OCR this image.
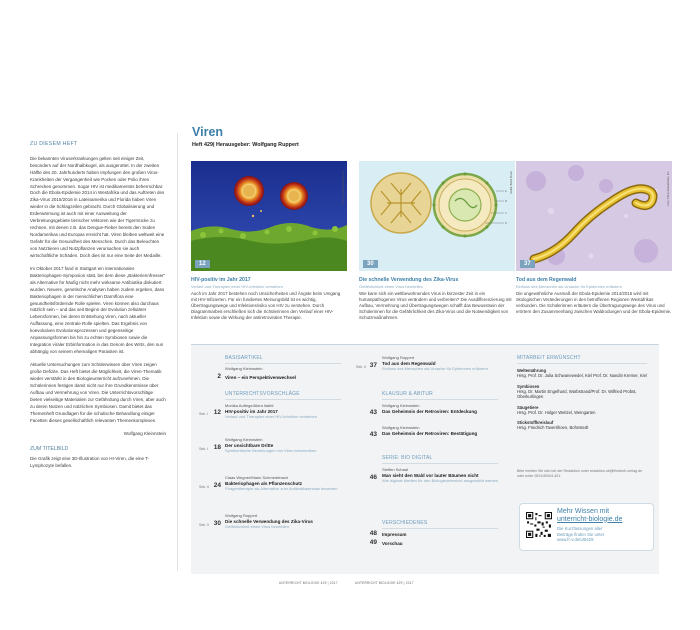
ZU DIESEM HEFT

Die bekannten Viruserkrankungen gelten seit einiger Zeit, besonders auf der Nordhalbkugel, als ausgerottet. In der zweiten Hälfte des 20. Jahrhunderts haben Impfungen den großen Virus-Krankheiten der Vergangenheit wie Pocken oder Polio ihren Schrecken genommen. Sogar HIV ist medikamentös beherrschbar. Doch die Ebola-Epidemie 2014 in Westafrika und das Auftreten des Zika-Virus 2015/2016 in Lateinamerika und Florida haben Viren wieder in die Schlagzeilen gebracht. Durch Globalisierung und Erderwärmung ist auch mit einer Ausweitung der Verbreitungsgebiete tierischer Vektoren wie der Tigermücke zu rechnen, mit denen z.B. das Dengue-Fieber bereits den Süden Nordamerikas und Europas erreicht hat. Viren bleiben weltweit eine Gefahr für die Gesundheit des Menschen. Durch das Beleuchten von Nutztieren und Nutzpflanzen verursachen sie auch wirtschaftliche Schäden. Doch dies ist nur eine Seite der Medaille.

Im Oktober 2017 fand in Stuttgart ein internationales Bakteriophagen-Symposion statt, bei dem diese „Bakteriennfresser“ als Alternative für häufig nicht mehr wirksame Antibiotika diskutiert wurden. Neuere, genetische Analysen haben zudem ergeben, dass Bakteriophagen in der menschlichen Darmflora eine gesundheitsfördernde Rolle spielen. Viren können also durchaus nützlich sein – und das seit Beginn der Evolution zellulärer Lebensformen, bei deren Entstehung Viren, nach aktueller Auffassung, eine zentrale Rolle spielten. Das Ergebnis von koevolutiven Evolutionsprozessen und gegenseitige Anpassungsformen bis hin zu echten Symbiosen sowie die Integration viraler Erbinformation in das Genom des Wirts, den nun abhängig von seinem ehemaligen Parasiten ist.

Aktuelle Untersuchungen zum Schülerwissen über Viren zeigen große Defizite. Das Heft bietet die Möglichkeit, die Viren-Thematik wieder verstärkt in den Biologieunterricht aufzunehmen. Die Schülerinnen festigen damit nicht nur ihre Grundkenntnisse über Aufbau und Vermehrung von Viren. Die Unterrichtsvorschläge bieten vielseitige Materialien zur Gefährdung durch Viren, aber auch zu deren Nutzen und nützlichen Symbiosen. Damit bietet das Themenheft Grundlagen für die schulische Behandlung einiger Facetten dieses gesellschaftlich relevanten Themenkomplexes.

Wolfgang Kleinnstein
ZUM TITELBILD

Die Grafik zeigt eine 3D-Illustration von HI-Viren, die eine T-Lymphozyte befallen.

Viren
Heft 429| Herausgeber: Wolfgang Ruppert
12
Foto: Flo Zeinfeltner/Ernst-M.
HIV-positiv im Jahr 2017
Verlauf und Therapien einer HIV-Infektion verstehen
Auch im Jahr 2017 bestehen noch Unsicherheiten und Ängste beim Umgang mit HIV-Infizierten. Für ein fundiertes Meinungsbild ist es wichtig, Übertragungswege und Infektionsrisiko von HIV zu verstehen. Durch Diagrammarbeit erschließen sich die Schülerinnen den Verlauf einer HIV-Infektion sowie die Wirkung der antiretroviralen Therapie.
E
M
C
R
30
Grafik: BiVelt Pitsch
Die schnelle Verwendung des Zika-Virus
Gefährlichkeit eines Virus beurteilen
Wie kann sich ein weltbewohnendes Virus in kürzester Zeit in ein humanpathogenes Virus verändern und verbreiten? Die Ausdifferenzierung mit Aufbau, Vermehrung und Übertragungswegen schafft das Bewusstsein der Schülerinnen für die Gefährlichkeit des Zika-Virus und die Notwendigkeit von Schutzmaßnahmen.
37
Foto: Photo Researchers, Inc.
Tod aus dem Regenwald
Einfluss des Menschen als Ursache für Epidemien erläutern
Die ungewöhnliche Ausmaß der Ebola-Epidemie 2014/2015 wird mit ökologischen Veränderungen in den betroffenen Regionen Westafrikas verbunden. Die Schülerinnen erläutern die Übertragungswege des Virus und erörtern den Zusammenhang zwischen Waldrodungen und der Ebola-Epidemie.
BASISARTIKEL
Wolfgang Kleinnstein
2 Viren – ein Perspektivenwechsel
UNTERRICHTSVORSCHLÄGE
Monika Auftege/Akira Ilakht
HIV-positiv im Jahr 2017
Verlauf und Therapien einer HIV-Infektion verstehen
Sek. I 12
Wolfgang Kleinnstein
Der unsichtbare Dritte
Symbiontische Beziehungen von Viren beschreiben
Sek. I 18
Claas Wegner/Mario Schmedebach
Bakteriophagen als Pflanzenschutz
Phagentherapie als Alternative zum Antibiotikaeinsatz bewerten
Sek. II 24
Wolfgang Ruppert
Die schnelle Verwendung des Zika-Virus
Gefährlichkeit eines Virus beurteilen
Sek. II 30
Wolfgang Ruppert
Tod aus dem Regenwald
Einfluss des Menschen als Ursache für Epidemien erläutern
Sek. II 37
KLAUSUR & ABITUR
Wolfgang Kleinnstein
Das Geheimnis der Retroviren: Entdeckung
43
Wolfgang Kleinnstein
Das Geheimnis der Retroviren: Bestätigung
43
SERIE: BIO DIGITAL
Steffen Schaal
Man sieht den Wald vor lauter Bäumen nicht
Wie digitale Medien für den Biologieunterricht ausgewählt werden
46
VERSCHIEDENES
48 Impressum
49 Vorschau
MITARBEIT ERWÜNSCHT
Weltemährung
Hrsg. Prof. Dr. Julia Schwanewedel, Kiel Prof. Dr. Nandin Kremer, Kiel
Symbiosen
Hrsg. Dr. Martin Engelhard, Warbstrand/Prof. Dr. Wilfried Probst, Oberkurlingen
Säugetiere
Hrsg. Prof. Dr. Holger Weitzel, Weingarten
Stickstoffkreislauf
Hrsg. Friedrich Tavertihoen, Bohnstedt
Bitte melden Sie sich bei der Redaktion unter redaktion.ub@friedrich-verlag.de oder unter 0511/40004-401.
Mehr Wissen mit
unterricht-biologie.de
Die Kurzfassungen aller
Beiträge finden Sie unter
www.fr-v.de/UB429
UNTERRICHT BIOLOGIE 429 | 2017	UNTERRICHT BIOLOGIE 429 | 2017
